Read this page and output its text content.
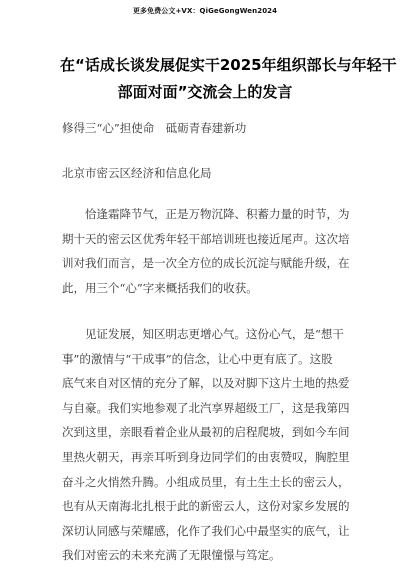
更多免费公文+VX：QiGeGongWen2024
在“话成长谈发展促实干2025年组织部长与年轻干
部面对面”交流会上的发言
修得三“心”担使命　砥砺青春建新功
北京市密云区经济和信息化局
恰逢霜降节气，正是万物沉降、积蓄力量的时节，为
期十天的密云区优秀年轻干部培训班也接近尾声。这次培
训对我们而言，是一次全方位的成长沉淀与赋能升级，在
此，用三个“心”字来概括我们的收获。
见证发展，知区明志更增心气。这份心气，是“想干
事”的激情与“干成事”的信念，让心中更有底了。这股
底气来自对区情的充分了解，以及对脚下这片土地的热爱
与自豪。我们实地参观了北汽享界超级工厂，这是我第四
次到这里，亲眼看着企业从最初的启程爬坡，到如今车间
里热火朝天，再亲耳听到身边同学们的由衷赞叹，胸腔里
奋斗之火悄然升腾。小组成员里，有土生土长的密云人，
也有从天南海北扎根于此的新密云人，这份对家乡发展的
深切认同感与荣耀感，化作了我们心中最坚实的底气，让
我们对密云的未来充满了无限憧憬与笃定。
